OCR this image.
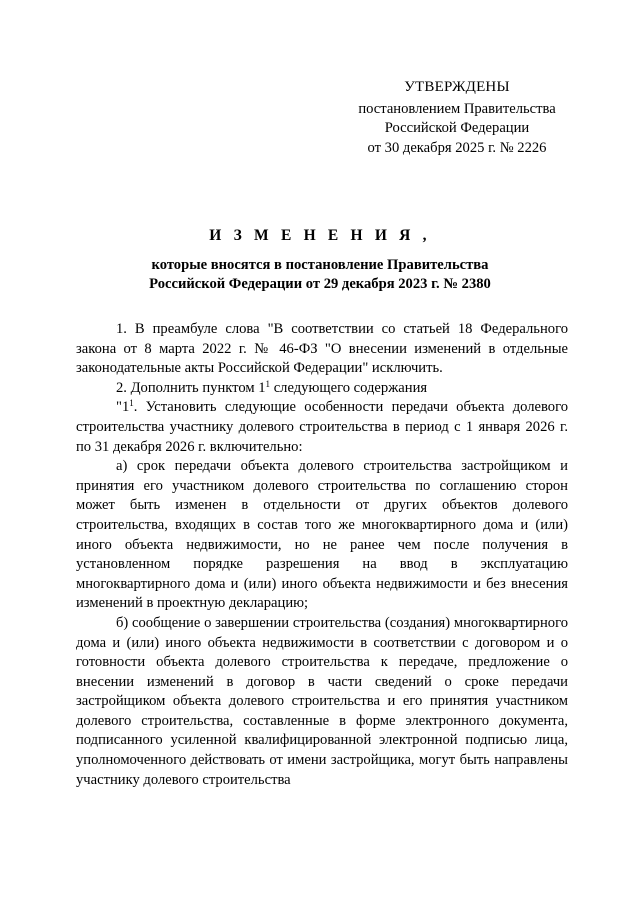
УТВЕРЖДЕНЫ
постановлением Правительства
Российской Федерации
от 30 декабря 2025 г. № 2226
И З М Е Н Е Н И Я ,
которые вносятся в постановление Правительства
Российской Федерации от 29 декабря 2023 г. № 2380

1. В преамбуле слова "В соответствии со статьей 18 Федерального закона от 8 марта 2022 г. № 46-ФЗ "О внесении изменений в отдельные законодательные акты Российской Федерации" исключить.

2. Дополнить пунктом $1^1$ следующего содержания

"$1^1$. Установить следующие особенности передачи объекта долевого строительства участнику долевого строительства в период с 1 января 2026 г. по 31 декабря 2026 г. включительно:

а) срок передачи объекта долевого строительства застройщиком и принятия его участником долевого строительства по соглашению сторон может быть изменен в отдельности от других объектов долевого строительства, входящих в состав того же многоквартирного дома и (или) иного объекта недвижимости, но не ранее чем после получения в установленном порядке разрешения на ввод в эксплуатацию многоквартирного дома и (или) иного объекта недвижимости и без внесения изменений в проектную декларацию;

б) сообщение о завершении строительства (создания) многоквартирного дома и (или) иного объекта недвижимости в соответствии с договором и о готовности объекта долевого строительства к передаче, предложение о внесении изменений в договор в части сведений о сроке передачи застройщиком объекта долевого строительства и его принятия участником долевого строительства, составленные в форме электронного документа, подписанного усиленной квалифицированной электронной подписью лица, уполномоченного действовать от имени застройщика, могут быть направлены участнику долевого строительства
